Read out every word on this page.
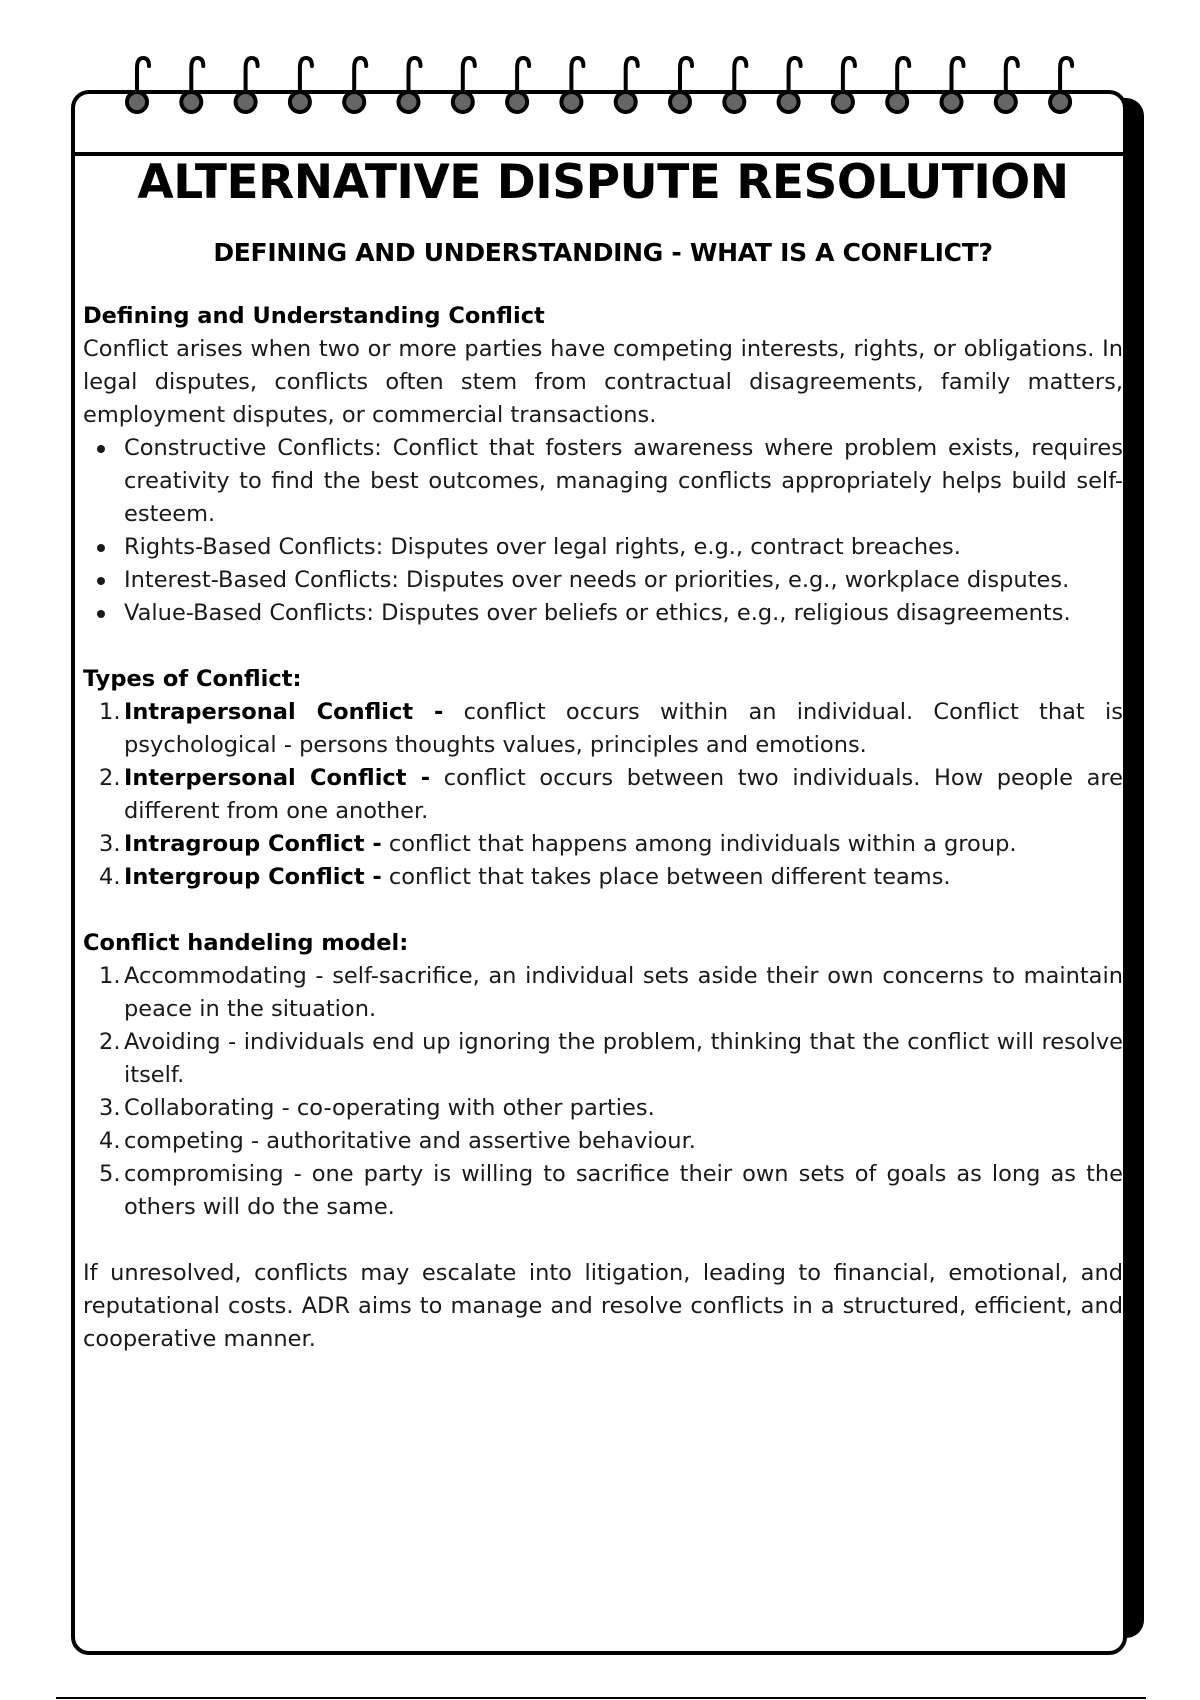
ALTERNATIVE DISPUTE RESOLUTION
DEFINING AND UNDERSTANDING - WHAT IS A CONFLICT?
Defining and Understanding Conflict

Conflict arises when two or more parties have competing interests, rights, or obligations. In legal disputes, conflicts often stem from contractual disagreements, family matters, employment disputes, or commercial transactions.

Constructive Conflicts: Conflict that fosters awareness where problem exists, requires creativity to find the best outcomes, managing conflicts appropriately helps build self-esteem.
Rights-Based Conflicts: Disputes over legal rights, e.g., contract breaches.
Interest-Based Conflicts: Disputes over needs or priorities, e.g., workplace disputes.
Value-Based Conflicts: Disputes over beliefs or ethics, e.g., religious disagreements.
Types of Conflict:
1. Intrapersonal Conflict - conflict occurs within an individual. Conflict that is psychological - persons thoughts values, principles and emotions.
2. Interpersonal Conflict - conflict occurs between two individuals. How people are different from one another.
3. Intragroup Conflict - conflict that happens among individuals within a group.
4. Intergroup Conflict - conflict that takes place between different teams.
Conflict handeling model:
1. Accommodating - self-sacrifice, an individual sets aside their own concerns to maintain peace in the situation.
2. Avoiding - individuals end up ignoring the problem, thinking that the conflict will resolve itself.
3. Collaborating - co-operating with other parties.
4. competing - authoritative and assertive behaviour.
5. compromising - one party is willing to sacrifice their own sets of goals as long as the others will do the same.

If unresolved, conflicts may escalate into litigation, leading to financial, emotional, and reputational costs. ADR aims to manage and resolve conflicts in a structured, efficient, and cooperative manner.
